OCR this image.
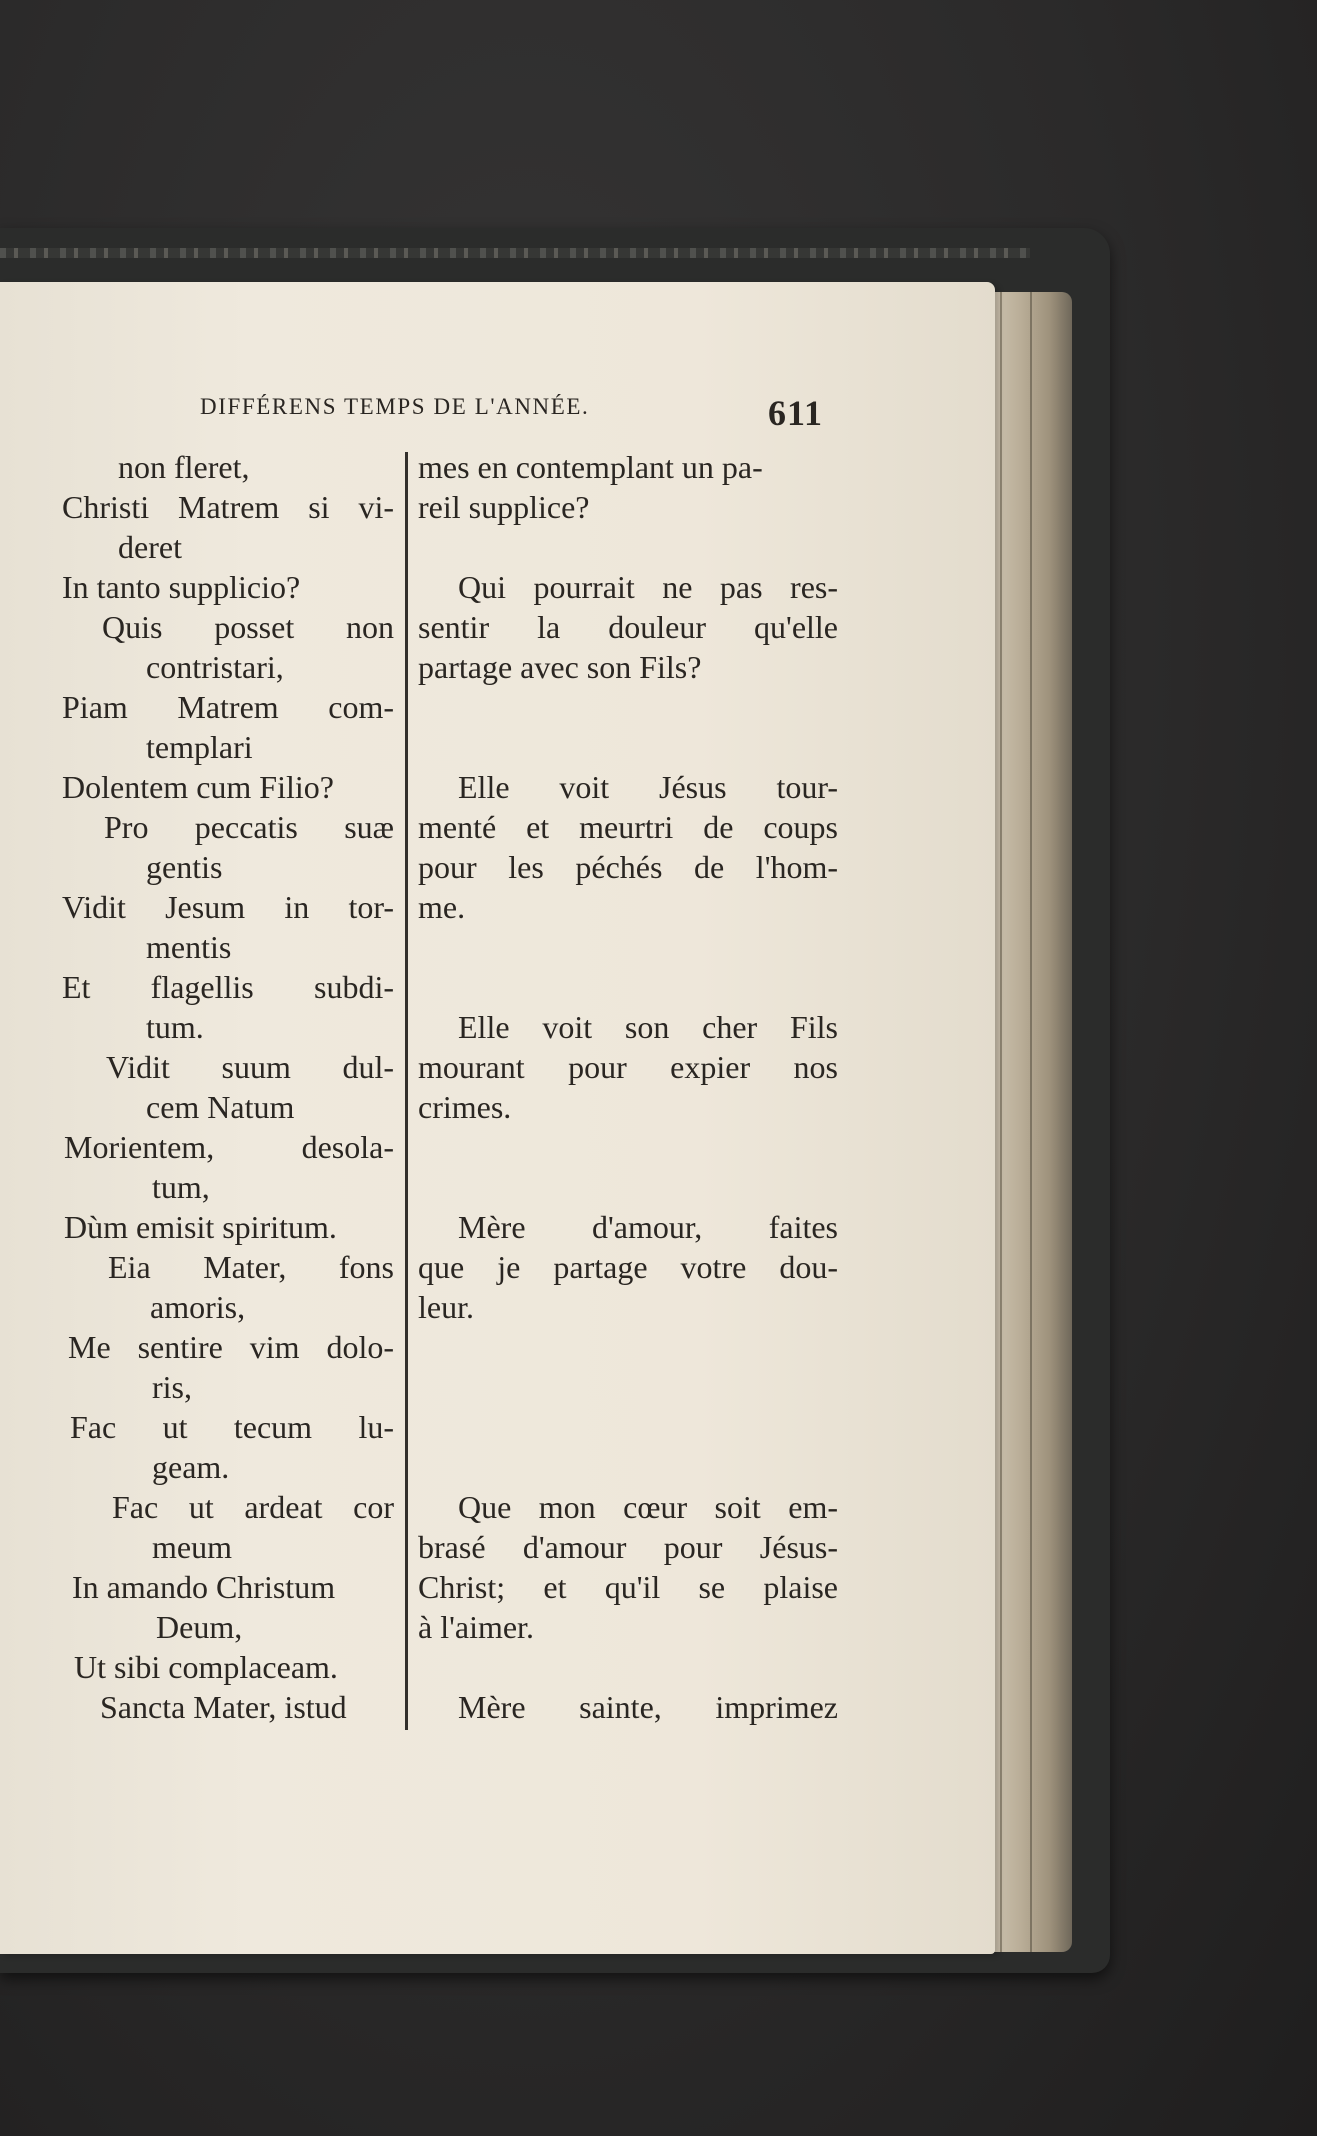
DIFFÉRENS TEMPS DE L'ANNÉE.	611
non fleret,
Christi Matrem si vi-
deret
In tanto supplicio?
Quis posset non
contristari,
Piam Matrem com-
templari
Dolentem cum Filio?
Pro peccatis suæ
gentis
Vidit Jesum in tor-
mentis
Et flagellis subdi-
tum.
Vidit suum dul-
cem Natum
Morientem, desola-
tum,
Dùm emisit spiritum.
Eia Mater, fons
amoris,
Me sentire vim dolo-
ris,
Fac ut tecum lu-
geam.
Fac ut ardeat cor
meum
In amando Christum
Deum,
Ut sibi complaceam.
Sancta Mater, istud
mes en contemplant un pa-
reil supplice?
Qui pourrait ne pas res-
sentir la douleur qu'elle
partage avec son Fils?
Elle voit Jésus tour-
menté et meurtri de coups
pour les péchés de l'hom-
me.
Elle voit son cher Fils
mourant pour expier nos
crimes.
Mère d'amour, faites
que je partage votre dou-
leur.
Que mon cœur soit em-
brasé d'amour pour Jésus-
Christ; et qu'il se plaise
à l'aimer.
Mère sainte, imprimez
